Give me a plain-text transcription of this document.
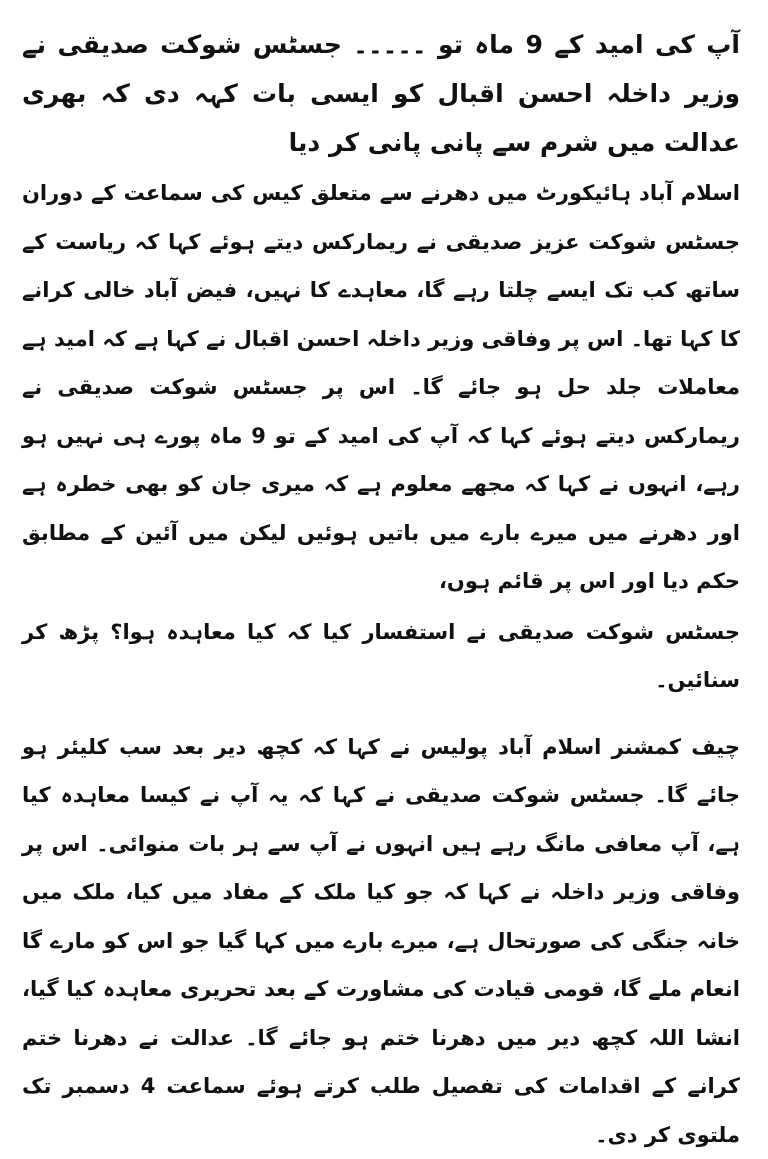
آپ کی امید کے 9 ماہ تو ۔۔۔۔۔ جسٹس شوکت صدیقی نے وزیر داخلہ احسن اقبال کو ایسی بات کہہ دی کہ بھری عدالت میں شرم سے پانی پانی کر دیا

اسلام آباد ہائیکورٹ میں دھرنے سے متعلق کیس کی سماعت کے دوران جسٹس شوکت عزیز صدیقی نے ریمارکس دیتے ہوئے کہا کہ ریاست کے ساتھ کب تک ایسے چلتا رہے گا، معاہدے کا نہیں، فیض آباد خالی کرانے کا کہا تھا۔ اس پر وفاقی وزیر داخلہ احسن اقبال نے کہا ہے کہ امید ہے معاملات جلد حل ہو جائے گا۔ اس پر جسٹس شوکت صدیقی نے ریمارکس دیتے ہوئے کہا کہ آپ کی امید کے تو 9 ماہ پورے ہی نہیں ہو رہے، انہوں نے کہا کہ مجھے معلوم ہے کہ میری جان کو بھی خطرہ ہے اور دھرنے میں میرے بارے میں باتیں ہوئیں لیکن میں آئین کے مطابق حکم دیا اور اس پر قائم ہوں،

جسٹس شوکت صدیقی نے استفسار کیا کہ کیا معاہدہ ہوا؟ پڑھ کر سنائیں۔

چیف کمشنر اسلام آباد پولیس نے کہا کہ کچھ دیر بعد سب کلیئر ہو جائے گا۔ جسٹس شوکت صدیقی نے کہا کہ یہ آپ نے کیسا معاہدہ کیا ہے، آپ معافی مانگ رہے ہیں انہوں نے آپ سے ہر بات منوائی۔ اس پر وفاقی وزیر داخلہ نے کہا کہ جو کیا ملک کے مفاد میں کیا، ملک میں خانہ جنگی کی صورتحال ہے، میرے بارے میں کہا گیا جو اس کو مارے گا انعام ملے گا، قومی قیادت کی مشاورت کے بعد تحریری معاہدہ کیا گیا، انشا اللہ کچھ دیر میں دھرنا ختم ہو جائے گا۔ عدالت نے دھرنا ختم کرانے کے اقدامات کی تفصیل طلب کرتے ہوئے سماعت 4 دسمبر تک ملتوی کر دی۔
